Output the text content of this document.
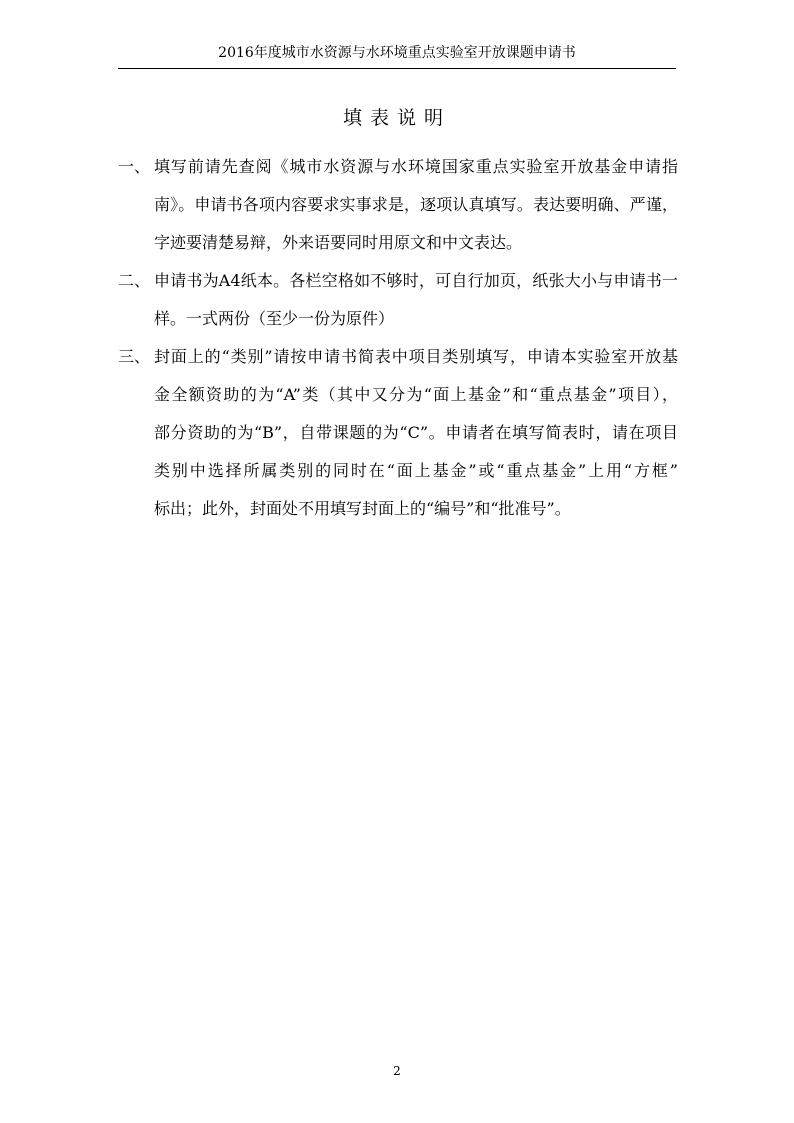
2016年度城市水资源与水环境重点实验室开放课题申请书
填表说明
一、 填写前请先查阅《城市水资源与水环境国家重点实验室开放基金申请指
南》。申请书各项内容要求实事求是，逐项认真填写。表达要明确、严谨，
字迹要清楚易辩，外来语要同时用原文和中文表达。
二、 申请书为A4纸本。各栏空格如不够时，可自行加页，纸张大小与申请书一
样。一式两份（至少一份为原件）
三、 封面上的“类别”请按申请书简表中项目类别填写，申请本实验室开放基
金全额资助的为“A”类（其中又分为“面上基金”和“重点基金”项目），
部分资助的为“B”，自带课题的为“C”。申请者在填写简表时，请在项目
类别中选择所属类别的同时在“面上基金”或“重点基金”上用“方框”
标出；此外，封面处不用填写封面上的“编号”和“批准号”。
2
